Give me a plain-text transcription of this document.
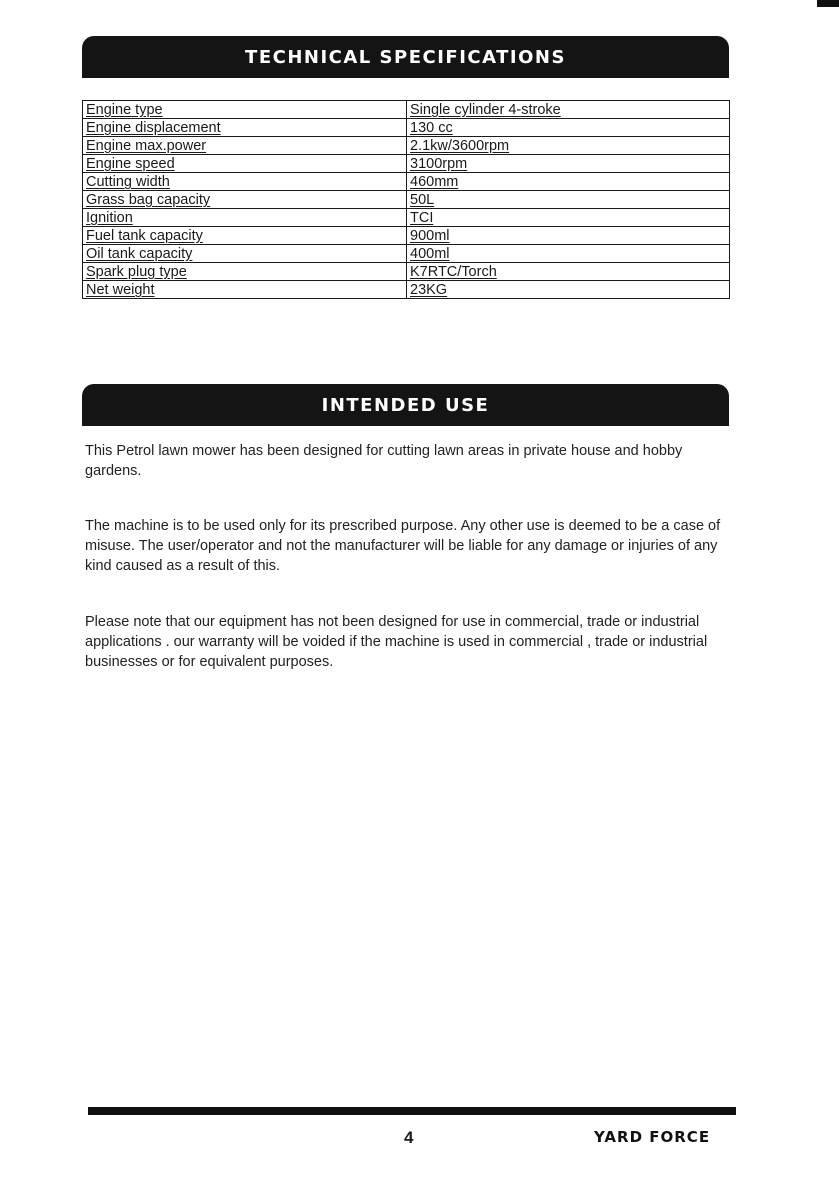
TECHNICAL SPECIFICATIONS
Engine type	Single cylinder 4-stroke
Engine displacement	130 cc
Engine max.power	2.1kw/3600rpm
Engine speed	3100rpm
Cutting width	460mm
Grass bag capacity	50L
Ignition	TCI
Fuel tank capacity	900ml
Oil tank capacity	400ml
Spark plug type	K7RTC/Torch
Net weight	23KG
INTENDED USE

This Petrol lawn mower has been designed for cutting lawn areas in private house and hobby gardens.

The machine is to be used only for its prescribed purpose. Any other use is deemed to be a case of misuse. The user/operator and not the manufacturer will be liable for any damage or injuries of any kind caused as a result of this.

Please note that our equipment has not been designed for use in commercial, trade or industrial applications . our warranty will be voided if the machine is used in commercial , trade or industrial businesses or for equivalent purposes.

4	YARD FORCE
